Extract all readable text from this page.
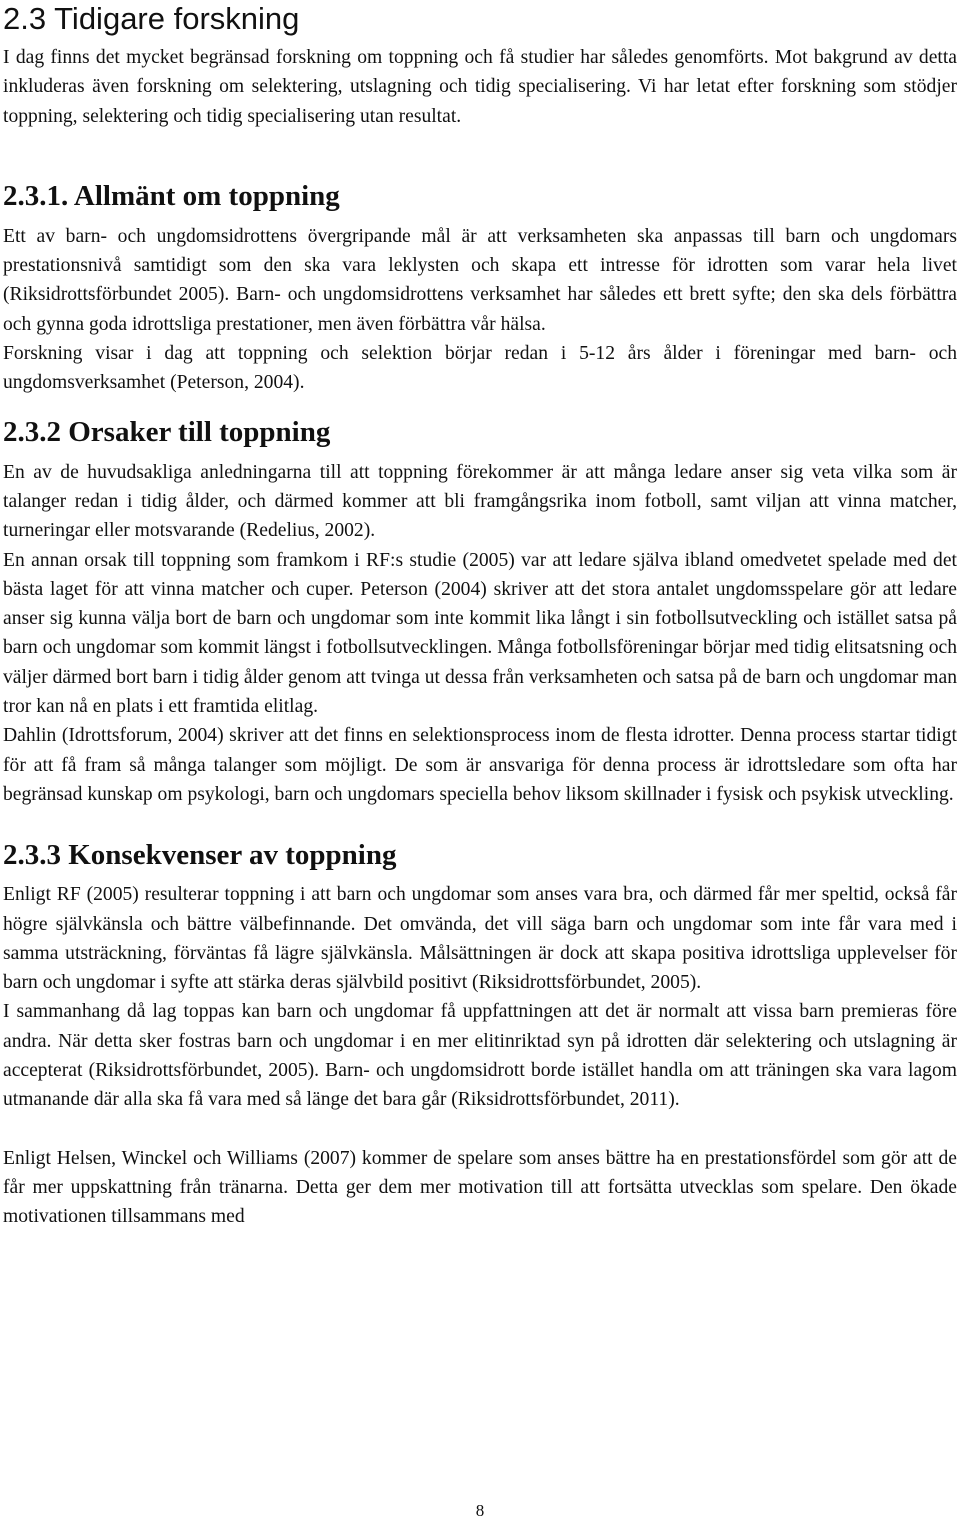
2.3 Tidigare forskning

I dag finns det mycket begränsad forskning om toppning och få studier har således genomförts. Mot bakgrund av detta inkluderas även forskning om selektering, utslagning och tidig specialisering. Vi har letat efter forskning som stödjer toppning, selektering och tidig specialisering utan resultat.

2.3.1. Allmänt om toppning

Ett av barn- och ungdomsidrottens övergripande mål är att verksamheten ska anpassas till barn och ungdomars prestationsnivå samtidigt som den ska vara leklysten och skapa ett intresse för idrotten som varar hela livet (Riksidrottsförbundet 2005). Barn- och ungdomsidrottens verksamhet har således ett brett syfte; den ska dels förbättra och gynna goda idrottsliga prestationer, men även förbättra vår hälsa.

Forskning visar i dag att toppning och selektion börjar redan i 5-12 års ålder i föreningar med barn- och ungdomsverksamhet (Peterson, 2004).

2.3.2 Orsaker till toppning

En av de huvudsakliga anledningarna till att toppning förekommer är att många ledare anser sig veta vilka som är talanger redan i tidig ålder, och därmed kommer att bli framgångsrika inom fotboll, samt viljan att vinna matcher, turneringar eller motsvarande (Redelius, 2002).

En annan orsak till toppning som framkom i RF:s studie (2005) var att ledare själva ibland omedvetet spelade med det bästa laget för att vinna matcher och cuper. Peterson (2004) skriver att det stora antalet ungdomsspelare gör att ledare anser sig kunna välja bort de barn och ungdomar som inte kommit lika långt i sin fotbollsutveckling och istället satsa på barn och ungdomar som kommit längst i fotbollsutvecklingen. Många fotbollsföreningar börjar med tidig elitsatsning och väljer därmed bort barn i tidig ålder genom att tvinga ut dessa från verksamheten och satsa på de barn och ungdomar man tror kan nå en plats i ett framtida elitlag.

Dahlin (Idrottsforum, 2004) skriver att det finns en selektionsprocess inom de flesta idrotter. Denna process startar tidigt för att få fram så många talanger som möjligt. De som är ansvariga för denna process är idrottsledare som ofta har begränsad kunskap om psykologi, barn och ungdomars speciella behov liksom skillnader i fysisk och psykisk utveckling.

2.3.3 Konsekvenser av toppning

Enligt RF (2005) resulterar toppning i att barn och ungdomar som anses vara bra, och därmed får mer speltid, också får högre självkänsla och bättre välbefinnande. Det omvända, det vill säga barn och ungdomar som inte får vara med i samma utsträckning, förväntas få lägre självkänsla. Målsättningen är dock att skapa positiva idrottsliga upplevelser för barn och ungdomar i syfte att stärka deras självbild positivt (Riksidrottsförbundet, 2005).

I sammanhang då lag toppas kan barn och ungdomar få uppfattningen att det är normalt att vissa barn premieras före andra. När detta sker fostras barn och ungdomar i en mer elitinriktad syn på idrotten där selektering och utslagning är accepterat (Riksidrottsförbundet, 2005). Barn- och ungdomsidrott borde istället handla om att träningen ska vara lagom utmanande där alla ska få vara med så länge det bara går (Riksidrottsförbundet, 2011).

Enligt Helsen, Winckel och Williams (2007) kommer de spelare som anses bättre ha en prestationsfördel som gör att de får mer uppskattning från tränarna. Detta ger dem mer motivation till att fortsätta utvecklas som spelare. Den ökade motivationen tillsammans med

8
